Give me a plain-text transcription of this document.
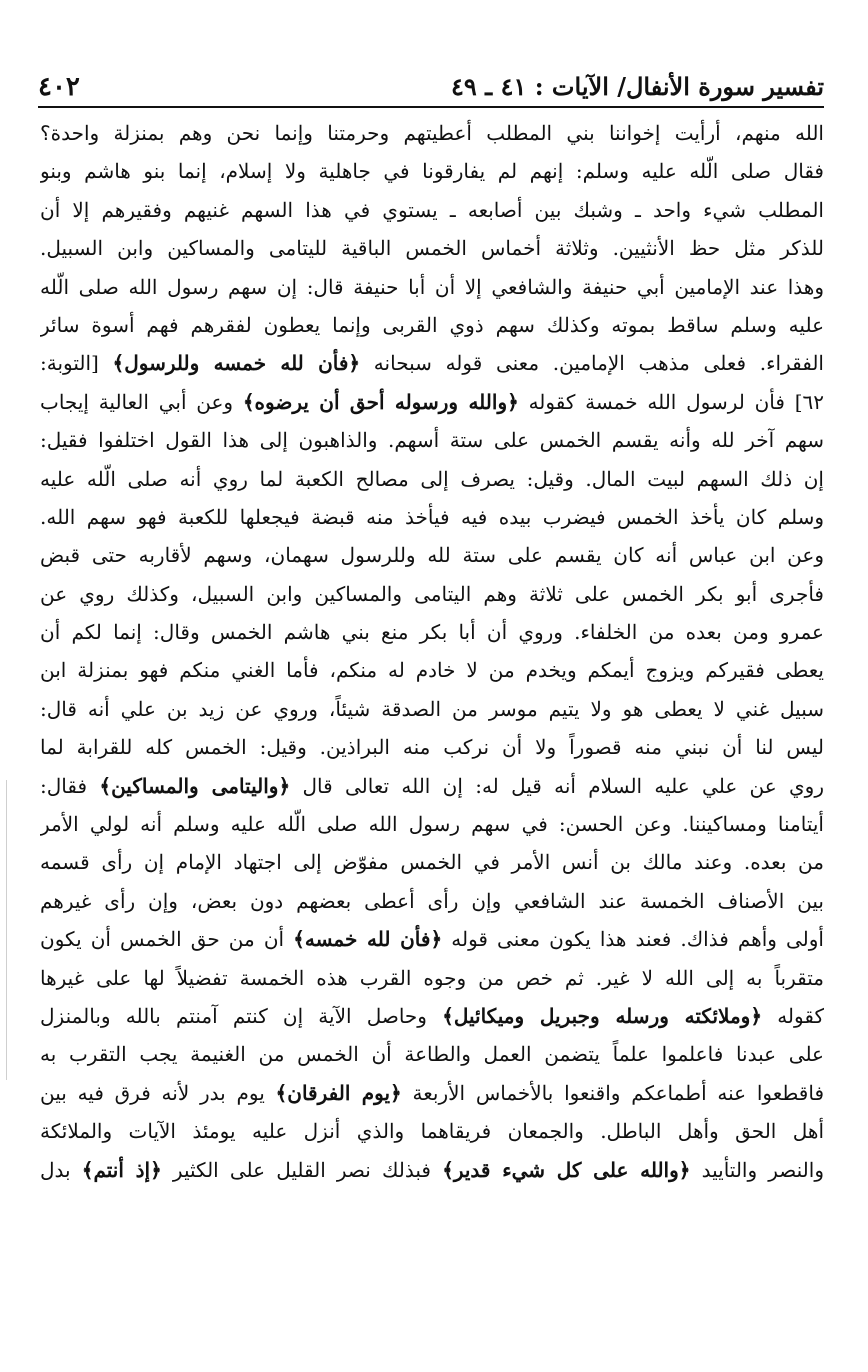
تفسير سورة الأنفال/ الآيات : ٤١ ـ ٤٩
٤٠٢
الله منهم، أرأيت إخواننا بني المطلب أعطيتهم وحرمتنا وإنما نحن وهم بمنزلة واحدة؟
فقال صلى الّله عليه وسلم: إنهم لم يفارقونا في جاهلية ولا إسلام، إنما بنو هاشم وبنو
المطلب شيء واحد ـ وشبك بين أصابعه ـ يستوي في هذا السهم غنيهم وفقيرهم إلا أن
للذكر مثل حظ الأنثيين. وثلاثة أخماس الخمس الباقية لليتامى والمساكين وابن السبيل.
وهذا عند الإمامين أبي حنيفة والشافعي إلا أن أبا حنيفة قال: إن سهم رسول الله صلى الّله
عليه وسلم ساقط بموته وكذلك سهم ذوي القربى وإنما يعطون لفقرهم فهم أسوة سائر
الفقراء. فعلى مذهب الإمامين. معنى قوله سبحانه ﴿فأن لله خمسه وللرسول﴾ [التوبة:
٦٢] فأن لرسول الله خمسة كقوله ﴿والله ورسوله أحق أن يرضوه﴾ وعن أبي العالية إيجاب
سهم آخر لله وأنه يقسم الخمس على ستة أسهم. والذاهبون إلى هذا القول اختلفوا فقيل:
إن ذلك السهم لبيت المال. وقيل: يصرف إلى مصالح الكعبة لما روي أنه صلى الّله عليه
وسلم كان يأخذ الخمس فيضرب بيده فيه فيأخذ منه قبضة فيجعلها للكعبة فهو سهم الله.
وعن ابن عباس أنه كان يقسم على ستة لله وللرسول سهمان، وسهم لأقاربه حتى قبض
فأجرى أبو بكر الخمس على ثلاثة وهم اليتامى والمساكين وابن السبيل، وكذلك روي عن
عمرو ومن بعده من الخلفاء. وروي أن أبا بكر منع بني هاشم الخمس وقال: إنما لكم أن
يعطى فقيركم ويزوج أيمكم ويخدم من لا خادم له منكم، فأما الغني منكم فهو بمنزلة ابن
سبيل غني لا يعطى هو ولا يتيم موسر من الصدقة شيئاً، وروي عن زيد بن علي أنه قال:
ليس لنا أن نبني منه قصوراً ولا أن نركب منه البراذين. وقيل: الخمس كله للقرابة لما
روي عن علي عليه السلام أنه قيل له: إن الله تعالى قال ﴿واليتامى والمساكين﴾ فقال:
أيتامنا ومساكيننا. وعن الحسن: في سهم رسول الله صلى الّله عليه وسلم أنه لولي الأمر
من بعده. وعند مالك بن أنس الأمر في الخمس مفوّض إلى اجتهاد الإمام إن رأى قسمه
بين الأصناف الخمسة عند الشافعي وإن رأى أعطى بعضهم دون بعض، وإن رأى غيرهم
أولى وأهم فذاك. فعند هذا يكون معنى قوله ﴿فأن لله خمسه﴾ أن من حق الخمس أن يكون
متقرباً به إلى الله لا غير. ثم خص من وجوه القرب هذه الخمسة تفضيلاً لها على غيرها
كقوله ﴿وملائكته ورسله وجبريل وميكائيل﴾ وحاصل الآية إن كنتم آمنتم بالله وبالمنزل
على عبدنا فاعلموا علماً يتضمن العمل والطاعة أن الخمس من الغنيمة يجب التقرب به
فاقطعوا عنه أطماعكم واقنعوا بالأخماس الأربعة ﴿يوم الفرقان﴾ يوم بدر لأنه فرق فيه بين
أهل الحق وأهل الباطل. والجمعان فريقاهما والذي أنزل عليه يومئذ الآيات والملائكة
والنصر والتأييد ﴿والله على كل شيء قدير﴾ فبذلك نصر القليل على الكثير ﴿إذ أنتم﴾ بدل
